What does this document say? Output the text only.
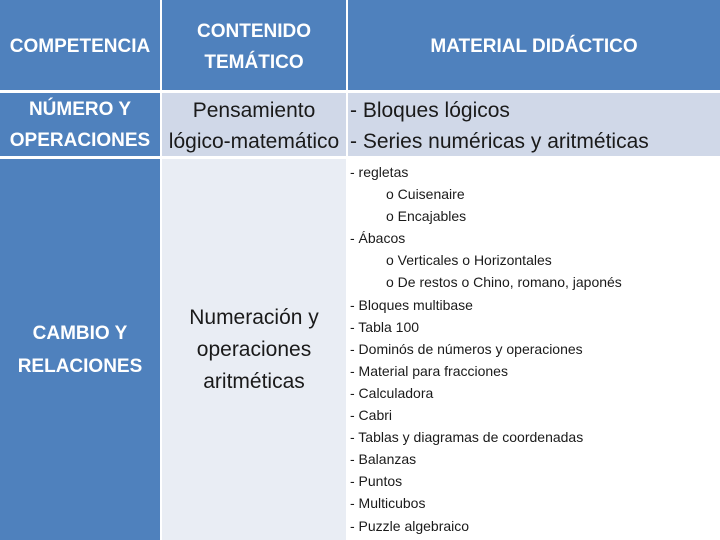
COMPETENCIA
CONTENIDO
TEMÁTICO
MATERIAL DIDÁCTICO
NÚMERO Y
OPERACIONES
Pensamiento
lógico-matemático
- Bloques lógicos
- Series numéricas y aritméticas
CAMBIO Y
RELACIONES
Numeración y
operaciones
aritméticas
- regletas
o Cuisenaire
o Encajables
- Ábacos
o Verticales o Horizontales
o De restos o Chino, romano, japonés
- Bloques multibase
- Tabla 100
- Dominós de números y operaciones
- Material para fracciones
- Calculadora
- Cabri
- Tablas y diagramas de coordenadas
- Balanzas
- Puntos
- Multicubos
- Puzzle algebraico
